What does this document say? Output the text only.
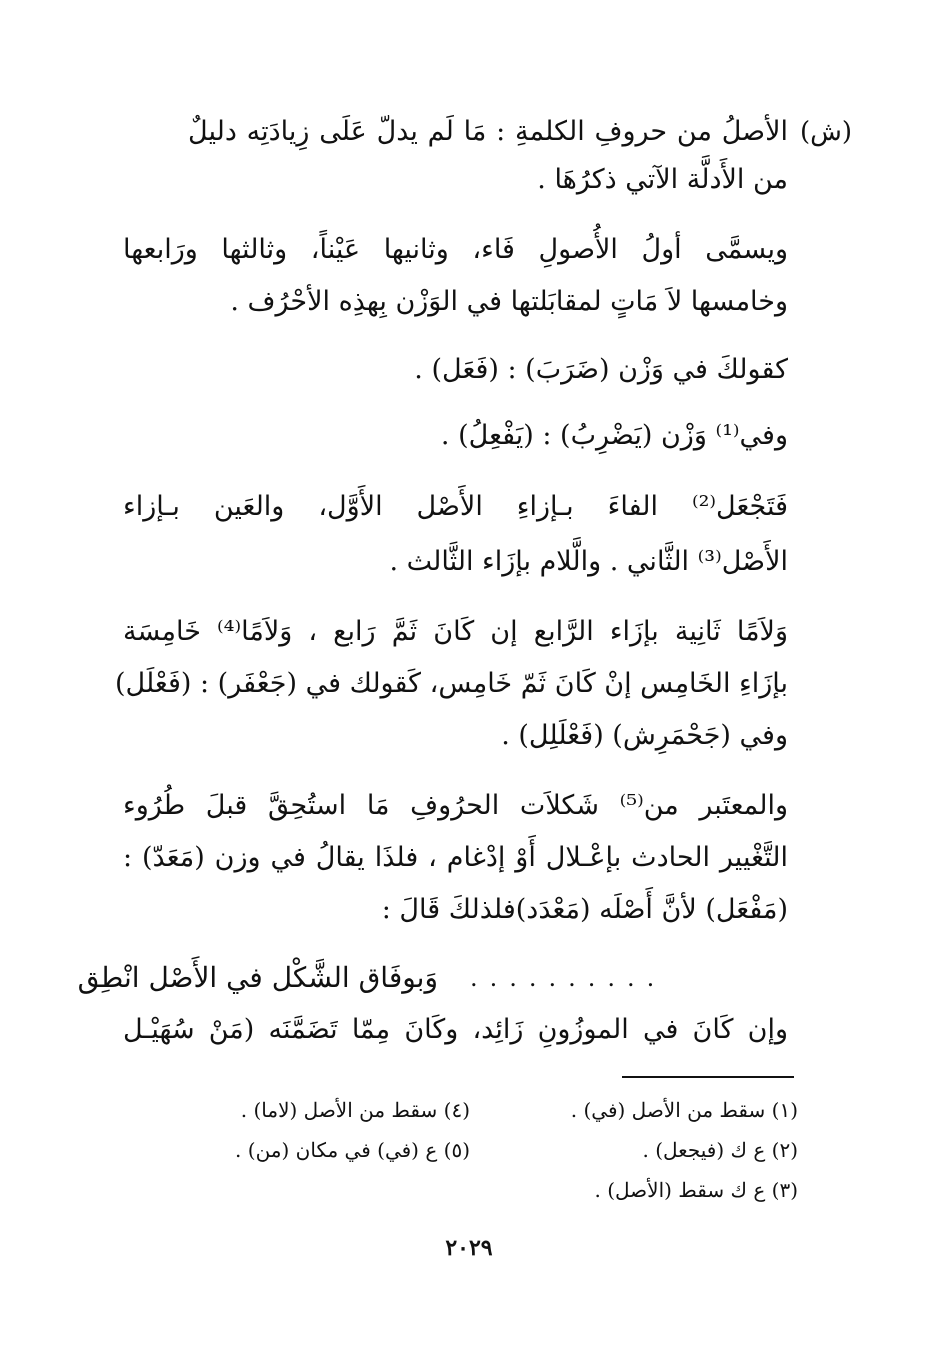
(ش)
الأصلُ من حروفِ الكلمةِ : مَا لَم يدلّ عَلَى زِيادَتِه دليلٌ
من الأَدلَّة الآتي ذكرُهَا .
ويسمَّى أولُ الأُصولِ فَاء، وثانيها عَيْناً، وثالثها ورَابعها
وخامسها لاَ مَاتٍ لمقابَلتها في الوَزْن بِهذِه الأحْرُف .
كقولكَ في وَزْن (ضَرَبَ) : (فَعَل) .
وفي⁽¹⁾ وَزْن (يَضْرِبُ) : (يَفْعِلُ) .
فَتَجْعَل⁽²⁾ الفاءَ بـإزاءِ الأَصْل الأَوَّل، والعَين بـإزاء
الأَصْل⁽³⁾ الثَّاني . والَّلام بإزَاء الثَّالث .
وَلاَمًا ثَانِية بإزَاء الرَّابع إن كَانَ ثَمَّ رَابع ، وَلاَمًا⁽⁴⁾ خَامِسَة
بإزَاءِ الخَامِس إنْ كَانَ ثَمّ خَامِس، كَقولك في (جَعْفَر) : (فَعْلَل)
وفي (جَحْمَرِش) (فَعْلَلِل) .
والمعتَبر من⁽⁵⁾ شَكلاَت الحرُوفِ مَا استُحِقَّ قبلَ طُرُوء
التَّغْيير الحادث بإعْـلال أَوْ إدْغام ، فلذَا يقالُ في وزن (مَعَدّ) :
(مَفْعَل) لأنَّ أَصْلَه (مَعْدَد)فلذلكَ قَالَ :
..........
وَبوفَاق الشَّكْل في الأَصْل انْطِق
وإن كَانَ في الموزُونِ زَائِد، وكَانَ مِمّا تَضَمَّنَه (مَنْ سُهَيْـل
(١) سقط من الأصل (في) .
(٢) ع ك (فيجعل) .
(٣) ع ك سقط (الأصل) .
(٤) سقط من الأصل (لاما) .
(٥) ع (في) في مكان (من) .
٢٠٢٩
